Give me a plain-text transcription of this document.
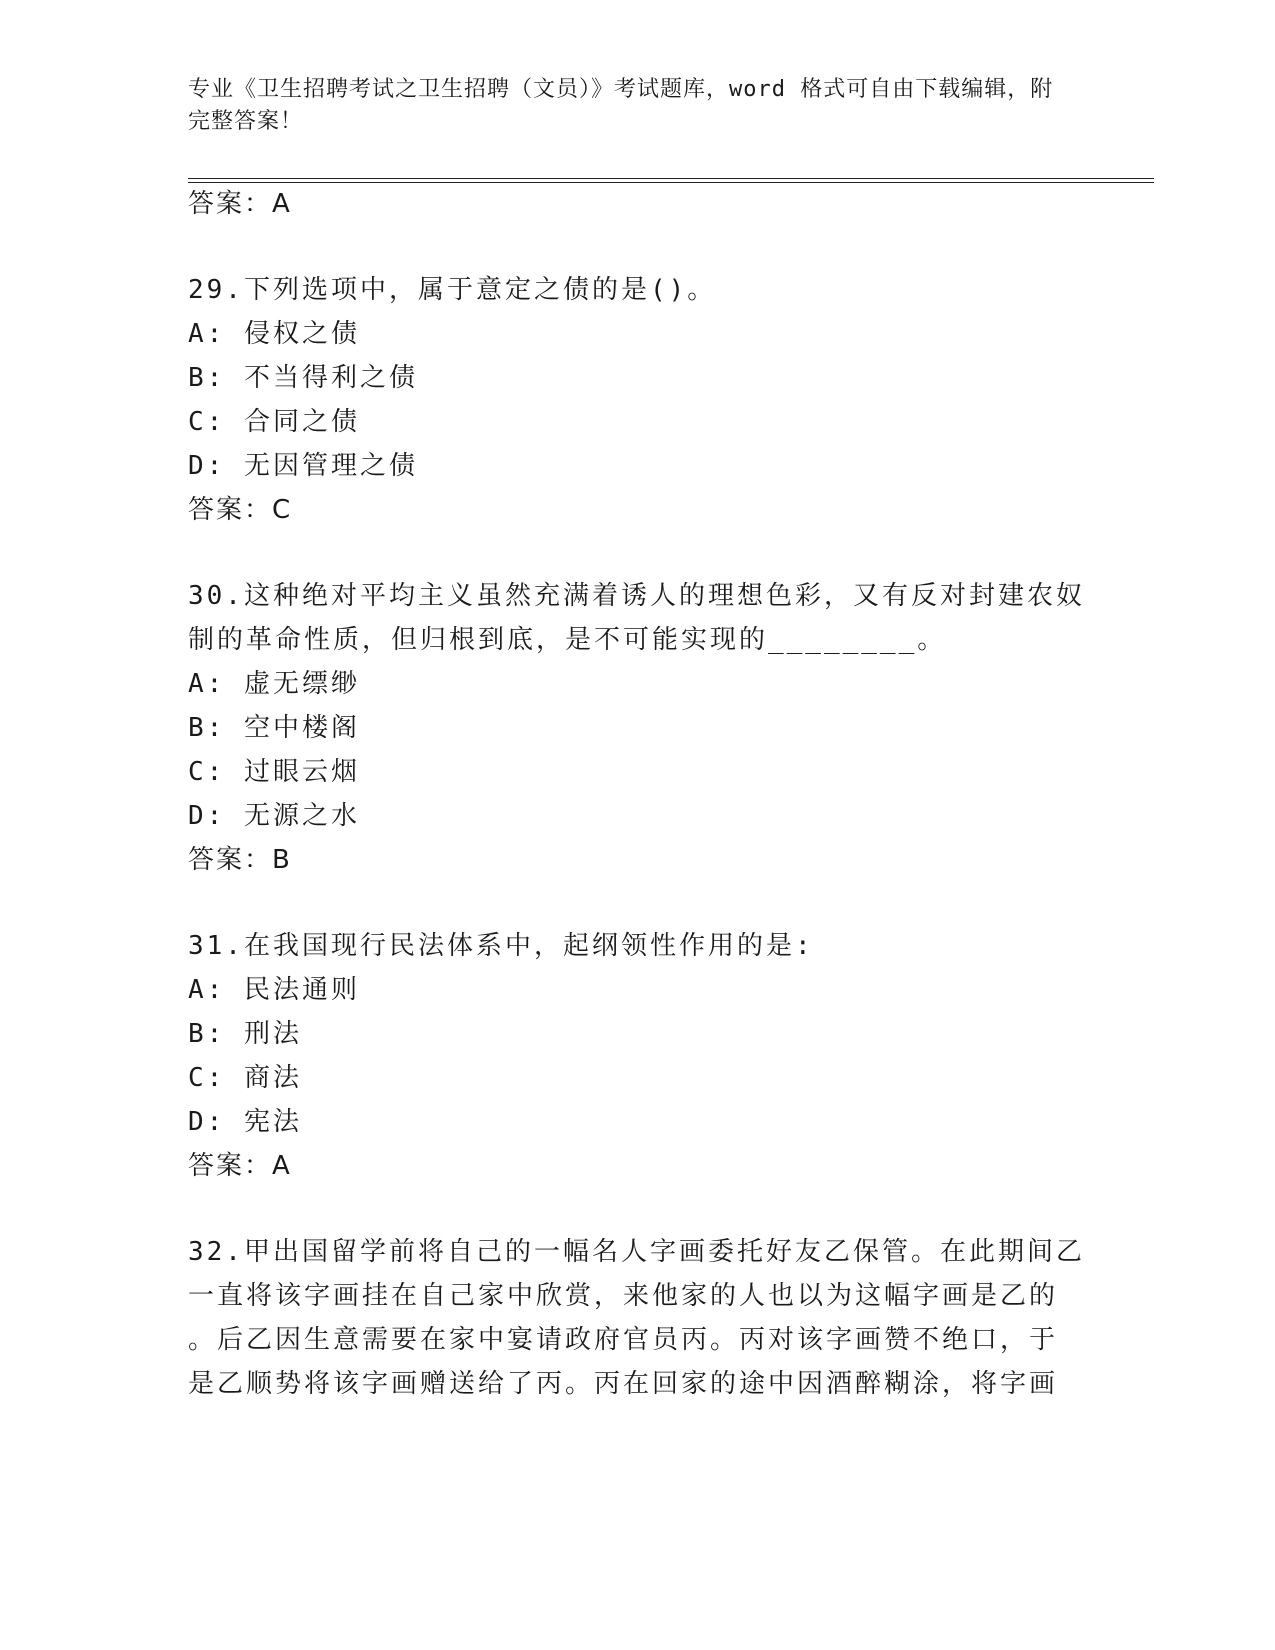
专业《卫生招聘考试之卫生招聘（文员）》考试题库，word 格式可自由下载编辑，附完整答案！
答案：A
29.下列选项中，属于意定之债的是()。
A: 侵权之债
B: 不当得利之债
C: 合同之债
D: 无因管理之债
答案：C
30.这种绝对平均主义虽然充满着诱人的理想色彩，又有反对封建农奴
制的革命性质，但归根到底，是不可能实现的________。
A: 虚无缥缈
B: 空中楼阁
C: 过眼云烟
D: 无源之水
答案：B
31.在我国现行民法体系中，起纲领性作用的是:
A: 民法通则
B: 刑法
C: 商法
D: 宪法
答案：A
32.甲出国留学前将自己的一幅名人字画委托好友乙保管。在此期间乙
一直将该字画挂在自己家中欣赏，来他家的人也以为这幅字画是乙的
。后乙因生意需要在家中宴请政府官员丙。丙对该字画赞不绝口，于
是乙顺势将该字画赠送给了丙。丙在回家的途中因酒醉糊涂，将字画
